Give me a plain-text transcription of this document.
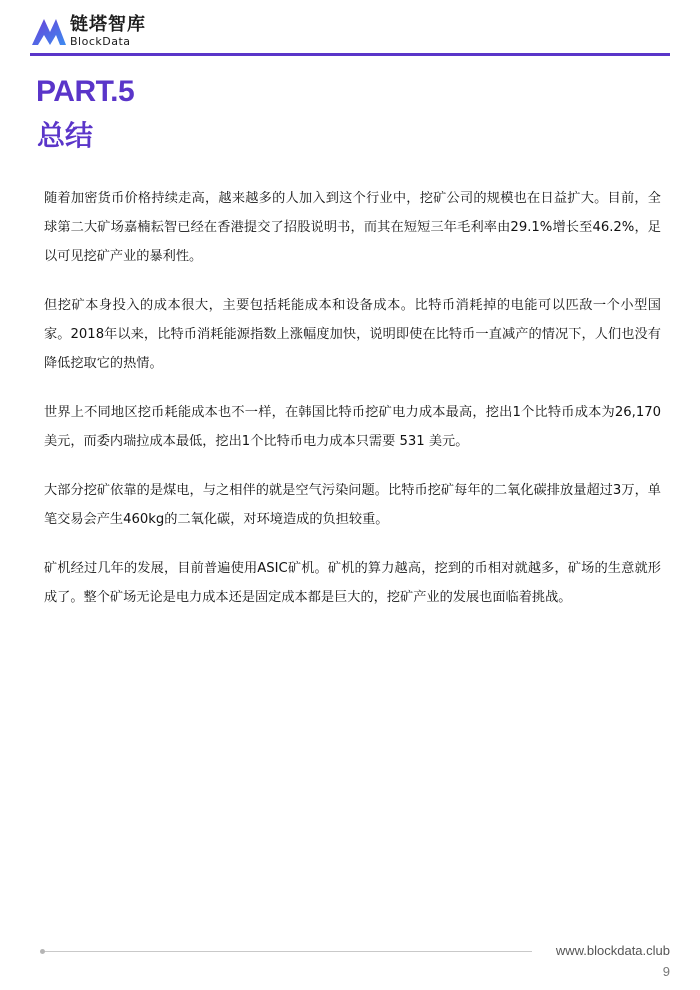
链塔智库
BlockData
PART.5
总结

随着加密货币价格持续走高，越来越多的人加入到这个行业中，挖矿公司的规模也在日益扩大。目前，全球第二大矿场嘉楠耘智已经在香港提交了招股说明书，而其在短短三年毛利率由29.1%增长至46.2%，足以可见挖矿产业的暴利性。

但挖矿本身投入的成本很大，主要包括耗能成本和设备成本。比特币消耗掉的电能可以匹敌一个小型国家。2018年以来，比特币消耗能源指数上涨幅度加快，说明即使在比特币一直减产的情况下，人们也没有降低挖取它的热情。

世界上不同地区挖币耗能成本也不一样，在韩国比特币挖矿电力成本最高，挖出1个比特币成本为26,170 美元，而委内瑞拉成本最低，挖出1个比特币电力成本只需要 531 美元。

大部分挖矿依靠的是煤电，与之相伴的就是空气污染问题。比特币挖矿每年的二氧化碳排放量超过3万，单笔交易会产生460kg的二氧化碳，对环境造成的负担较重。

矿机经过几年的发展，目前普遍使用ASIC矿机。矿机的算力越高，挖到的币相对就越多，矿场的生意就形成了。整个矿场无论是电力成本还是固定成本都是巨大的，挖矿产业的发展也面临着挑战。

www.blockdata.club
9
